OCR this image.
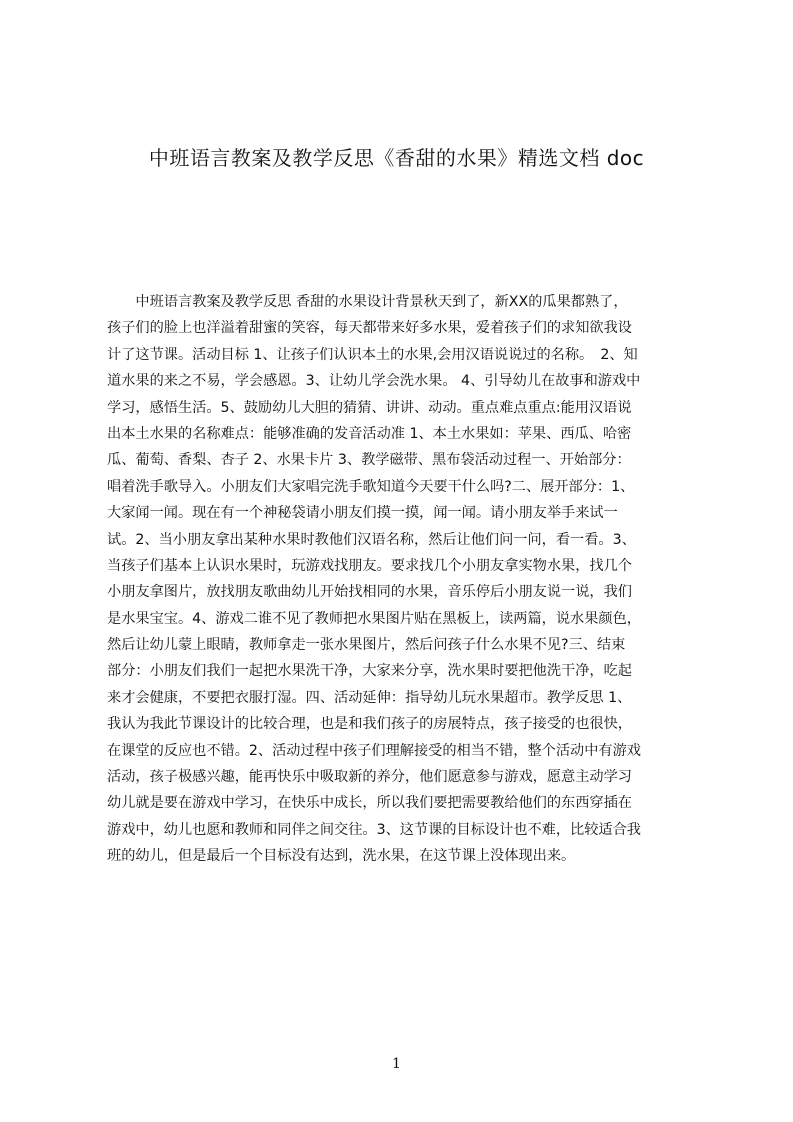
中班语言教案及教学反思《香甜的水果》精选文档 doc
　　中班语言教案及教学反思 香甜的水果设计背景秋天到了，新XX的瓜果都熟了，
孩子们的脸上也洋溢着甜蜜的笑容，每天都带来好多水果，爱着孩子们的求知欲我设
计了这节课。活动目标 1、让孩子们认识本土的水果,会用汉语说说过的名称。　2、知
道水果的来之不易，学会感恩。3、让幼儿学会洗水果。 4、引导幼儿在故事和游戏中
学习，感悟生活。5、鼓励幼儿大胆的猜猜、讲讲、动动。重点难点重点:能用汉语说
出本土水果的名称难点：能够准确的发音活动准 1、本土水果如：苹果、西瓜、哈密
瓜、葡萄、香梨、杏子 2、水果卡片 3、教学磁带、黑布袋活动过程一、开始部分：
唱着洗手歌导入。小朋友们大家唱完洗手歌知道今天要干什么吗?二、展开部分：1、
大家闻一闻。现在有一个神秘袋请小朋友们摸一摸，闻一闻。请小朋友举手来试一
试。2、当小朋友拿出某种水果时教他们汉语名称，然后让他们问一问，看一看。3、
当孩子们基本上认识水果时，玩游戏找朋友。要求找几个小朋友拿实物水果，找几个
小朋友拿图片，放找朋友歌曲幼儿开始找相同的水果，音乐停后小朋友说一说，我们
是水果宝宝。4、游戏二谁不见了教师把水果图片贴在黑板上，读两篇，说水果颜色，
然后让幼儿蒙上眼睛，教师拿走一张水果图片，然后问孩子什么水果不见?三、结束
部分：小朋友们我们一起把水果洗干净，大家来分享，洗水果时要把他洗干净，吃起
来才会健康，不要把衣服打湿。四、活动延伸：指导幼儿玩水果超市。教学反思 1、
我认为我此节课设计的比较合理，也是和我们孩子的房展特点，孩子接受的也很快，
在课堂的反应也不错。2、活动过程中孩子们理解接受的相当不错，整个活动中有游戏
活动，孩子极感兴趣，能再快乐中吸取新的养分，他们愿意参与游戏，愿意主动学习
幼儿就是要在游戏中学习，在快乐中成长，所以我们要把需要教给他们的东西穿插在
游戏中，幼儿也愿和教师和同伴之间交往。3、这节课的目标设计也不难，比较适合我
班的幼儿，但是最后一个目标没有达到，洗水果，在这节课上没体现出来。
1
